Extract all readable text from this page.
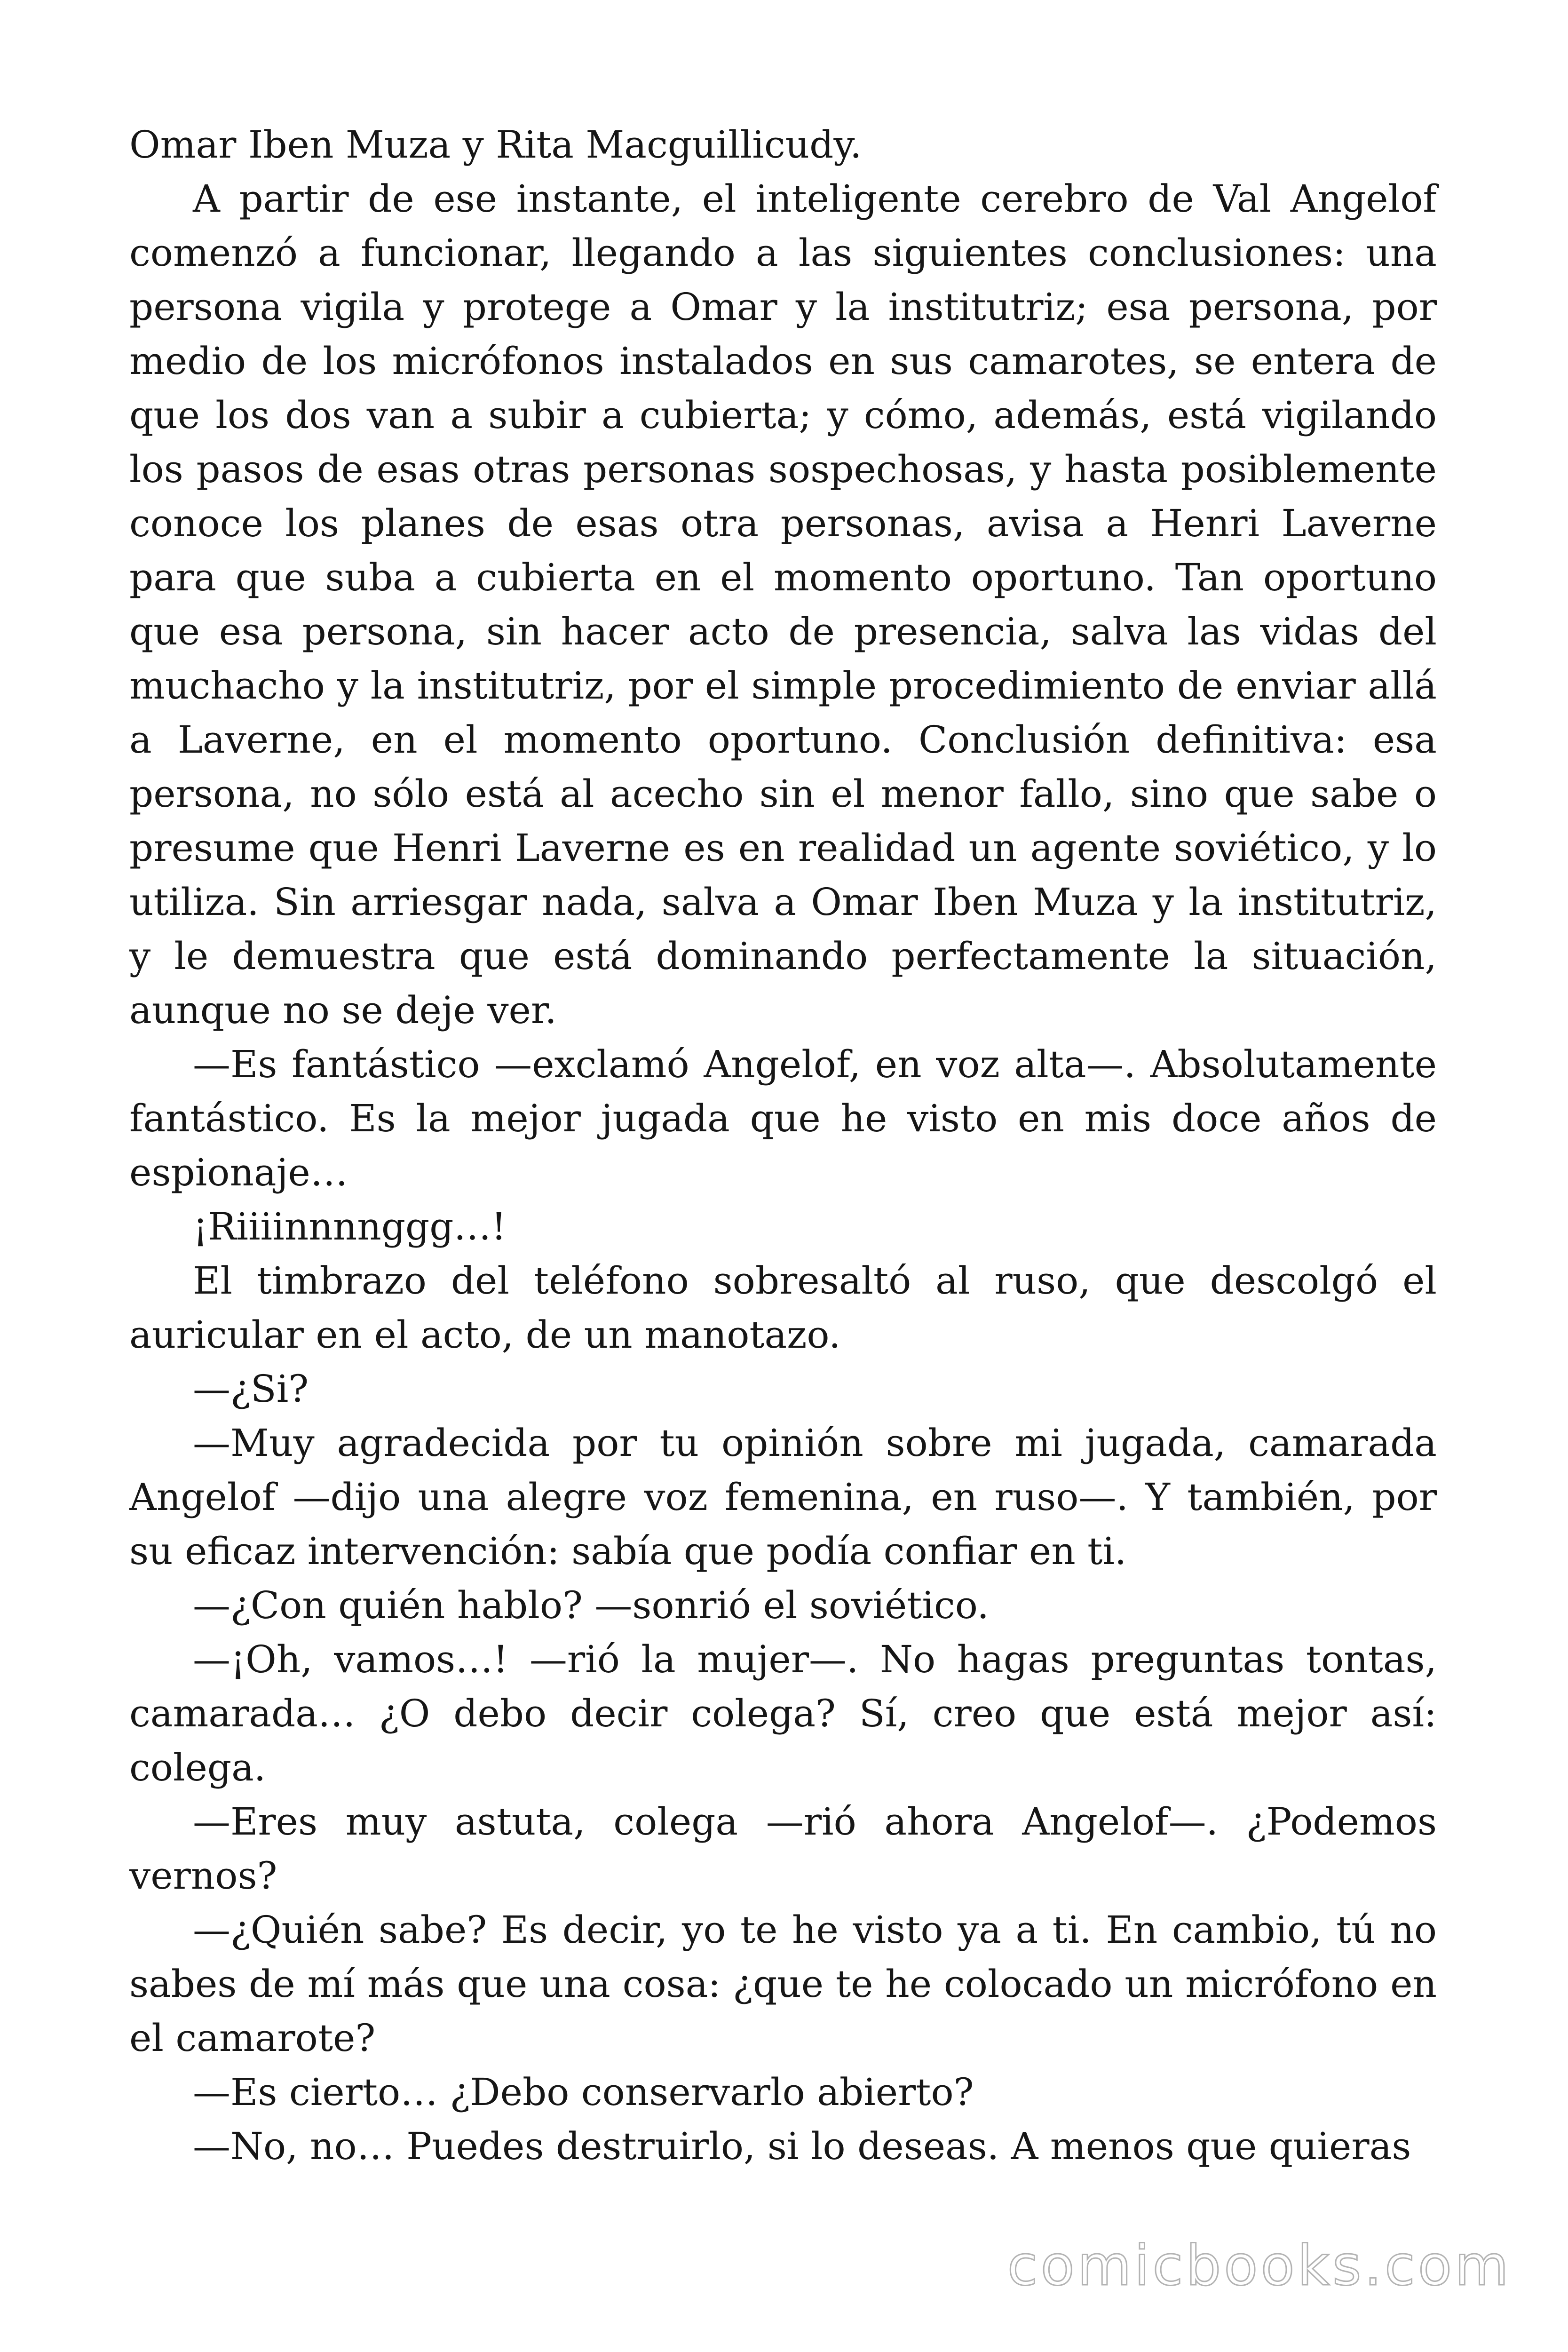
Omar Iben Muza y Rita Macguillicudy.

A partir de ese instante, el inteligente cerebro de Val Angelof comenzó a funcionar, llegando a las siguientes conclusiones: una persona vigila y protege a Omar y la institutriz; esa persona, por medio de los micrófonos instalados en sus camarotes, se entera de que los dos van a subir a cubierta; y cómo, además, está vigilando los pasos de esas otras personas sospechosas, y hasta posiblemente conoce los planes de esas otra personas, avisa a Henri Laverne para que suba a cubierta en el momento oportuno. Tan oportuno que esa persona, sin hacer acto de presencia, salva las vidas del muchacho y la institutriz, por el simple procedimiento de enviar allá a Laverne, en el momento oportuno. Conclusión definitiva: esa persona, no sólo está al acecho sin el menor fallo, sino que sabe o presume que Henri Laverne es en realidad un agente soviético, y lo utiliza. Sin arriesgar nada, salva a Omar Iben Muza y la institutriz, y le demuestra que está dominando perfectamente la situación, aunque no se deje ver.

—Es fantástico —exclamó Angelof, en voz alta—. Absolutamente fantástico. Es la mejor jugada que he visto en mis doce años de espionaje…

¡Riiiinnnnggg…!

El timbrazo del teléfono sobresaltó al ruso, que descolgó el auricular en el acto, de un manotazo.

—¿Si?

—Muy agradecida por tu opinión sobre mi jugada, camarada Angelof —dijo una alegre voz femenina, en ruso—. Y también, por su eficaz intervención: sabía que podía confiar en ti.

—¿Con quién hablo? —sonrió el soviético.

—¡Oh, vamos…! —rió la mujer—. No hagas preguntas tontas, camarada… ¿O debo decir colega? Sí, creo que está mejor así: colega.

—Eres muy astuta, colega —rió ahora Angelof—. ¿Podemos vernos?

—¿Quién sabe? Es decir, yo te he visto ya a ti. En cambio, tú no sabes de mí más que una cosa: ¿que te he colocado un micrófono en el camarote?

—Es cierto… ¿Debo conservarlo abierto?

—No, no… Puedes destruirlo, si lo deseas. A menos que quieras

comicbooks.com
